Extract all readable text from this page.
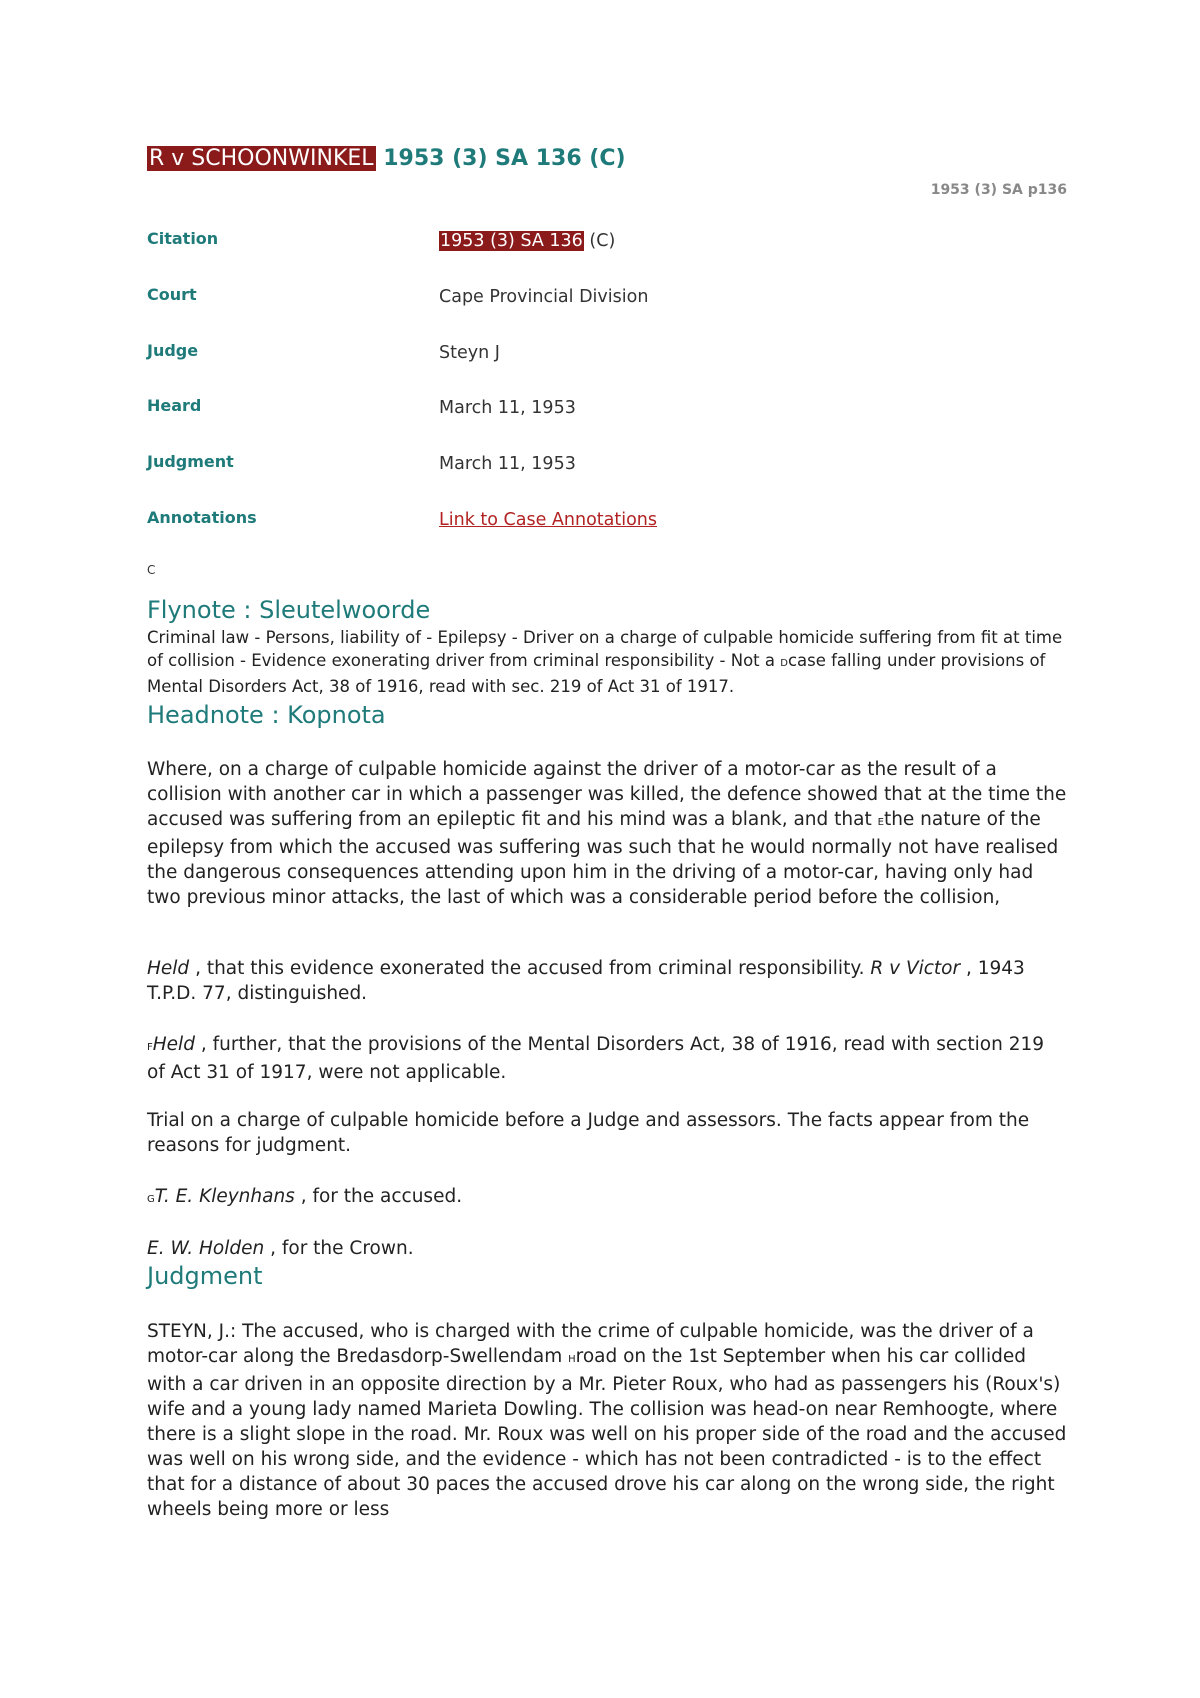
R v SCHOONWINKEL 1953 (3) SA 136 (C)
1953 (3) SA p136
Citation	1953 (3) SA 136 (C)
Court	Cape Provincial Division
Judge	Steyn J
Heard	March 11, 1953
Judgment	March 11, 1953
Annotations	Link to Case Annotations
C
Flynote : Sleutelwoorde
Criminal law - Persons, liability of - Epilepsy - Driver on a charge of culpable homicide suffering from fit at time of collision - Evidence exonerating driver from criminal responsibility - Not a Dcase falling under provisions of Mental Disorders Act, 38 of 1916, read with sec. 219 of Act 31 of 1917.
Headnote : Kopnota
Where, on a charge of culpable homicide against the driver of a motor-car as the result of a collision with another car in which a passenger was killed, the defence showed that at the time the accused was suffering from an epileptic fit and his mind was a blank, and that Ethe nature of the epilepsy from which the accused was suffering was such that he would normally not have realised the dangerous consequences attending upon him in the driving of a motor-car, having only had two previous minor attacks, the last of which was a considerable period before the collision,
Held , that this evidence exonerated the accused from criminal responsibility. R v Victor , 1943 T.P.D. 77, distinguished.
FHeld , further, that the provisions of the Mental Disorders Act, 38 of 1916, read with section 219 of Act 31 of 1917, were not applicable.
Trial on a charge of culpable homicide before a Judge and assessors. The facts appear from the reasons for judgment.
GT. E. Kleynhans , for the accused.
E. W. Holden , for the Crown.
Judgment
STEYN, J.: The accused, who is charged with the crime of culpable homicide, was the driver of a motor-car along the Bredasdorp-Swellendam Hroad on the 1st September when his car collided with a car driven in an opposite direction by a Mr. Pieter Roux, who had as passengers his (Roux's) wife and a young lady named Marieta Dowling. The collision was head-on near Remhoogte, where there is a slight slope in the road. Mr. Roux was well on his proper side of the road and the accused was well on his wrong side, and the evidence - which has not been contradicted - is to the effect that for a distance of about 30 paces the accused drove his car along on the wrong side, the right wheels being more or less
